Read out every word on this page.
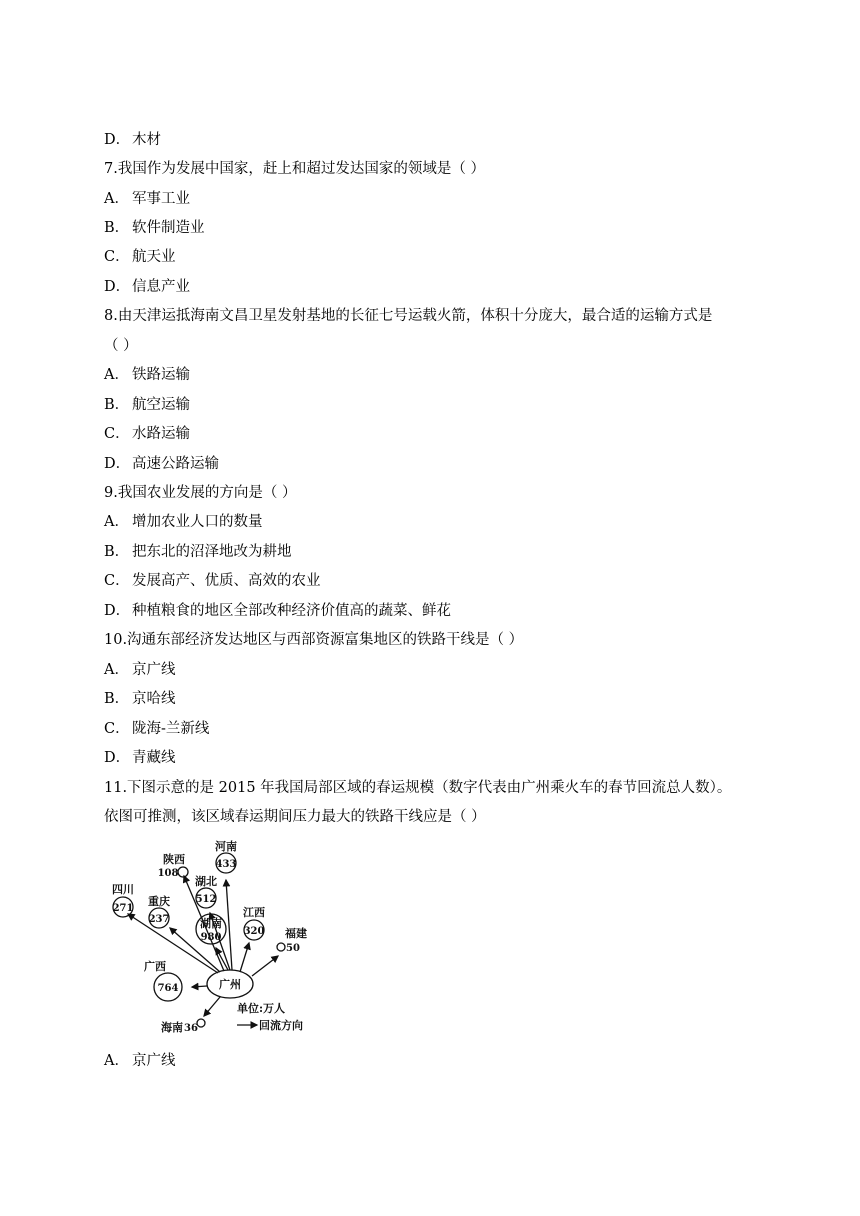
D． 木材
7.我国作为发展中国家，赶上和超过发达国家的领域是（ ）
A． 军事工业
B． 软件制造业
C． 航天业
D． 信息产业
8.由天津运抵海南文昌卫星发射基地的长征七号运载火箭，体积十分庞大，最合适的运输方式是
（ ）
A． 铁路运输
B． 航空运输
C． 水路运输
D． 高速公路运输
9.我国农业发展的方向是（ ）
A． 增加农业人口的数量
B． 把东北的沼泽地改为耕地
C． 发展高产、优质、高效的农业
D． 种植粮食的地区全部改种经济价值高的蔬菜、鲜花
10.沟通东部经济发达地区与西部资源富集地区的铁路干线是（ ）
A． 京广线
B． 京哈线
C． 陇海-兰新线
D． 青藏线
11.下图示意的是 2015 年我国局部区域的春运规模（数字代表由广州乘火车的春节回流总人数）。
依图可推测，该区域春运期间压力最大的铁路干线应是（ ）
河南
433
陕西
108
湖北
512
四川
271
重庆
237	湖南
980
江西
320 福建
50
广西
764
海南 36
广州
单位:万人
回流方向
A． 京广线
